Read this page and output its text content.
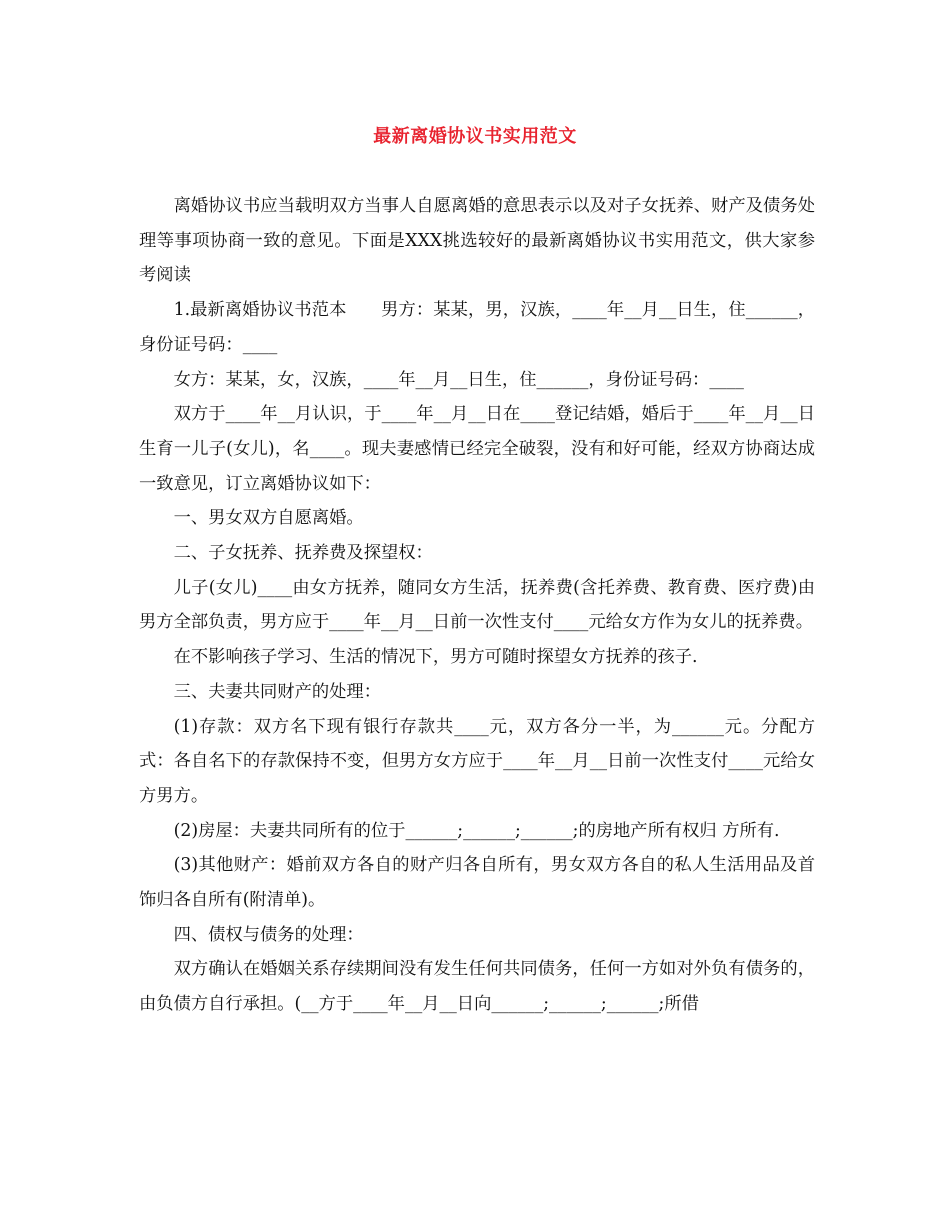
最新离婚协议书实用范文

离婚协议书应当载明双方当事人自愿离婚的意思表示以及对子女抚养、财产及债务处理等事项协商一致的意见。下面是XXX挑选较好的最新离婚协议书实用范文，供大家参考阅读

1.最新离婚协议书范本　　男方：某某，男，汉族，____年__月__日生，住______，身份证号码：____

女方：某某，女，汉族，____年__月__日生，住______，身份证号码：____

双方于____年__月认识，于____年__月__日在____登记结婚，婚后于____年__月__日生育一儿子(女儿)，名____。现夫妻感情已经完全破裂，没有和好可能，经双方协商达成一致意见，订立离婚协议如下：

一、男女双方自愿离婚。

二、子女抚养、抚养费及探望权：

儿子(女儿)____由女方抚养，随同女方生活，抚养费(含托养费、教育费、医疗费)由男方全部负责，男方应于____年__月__日前一次性支付____元给女方作为女儿的抚养费。

在不影响孩子学习、生活的情况下，男方可随时探望女方抚养的孩子.

三、夫妻共同财产的处理：

(1)存款：双方名下现有银行存款共____元，双方各分一半，为______元。分配方式：各自名下的存款保持不变，但男方女方应于____年__月__日前一次性支付____元给女方男方。

(2)房屋：夫妻共同所有的位于______;______;______;的房地产所有权归 方所有.

(3)其他财产：婚前双方各自的财产归各自所有，男女双方各自的私人生活用品及首饰归各自所有(附清单)。

四、债权与债务的处理：

双方确认在婚姻关系存续期间没有发生任何共同债务，任何一方如对外负有债务的，由负债方自行承担。(__方于____年__月__日向______;______;______;所借
